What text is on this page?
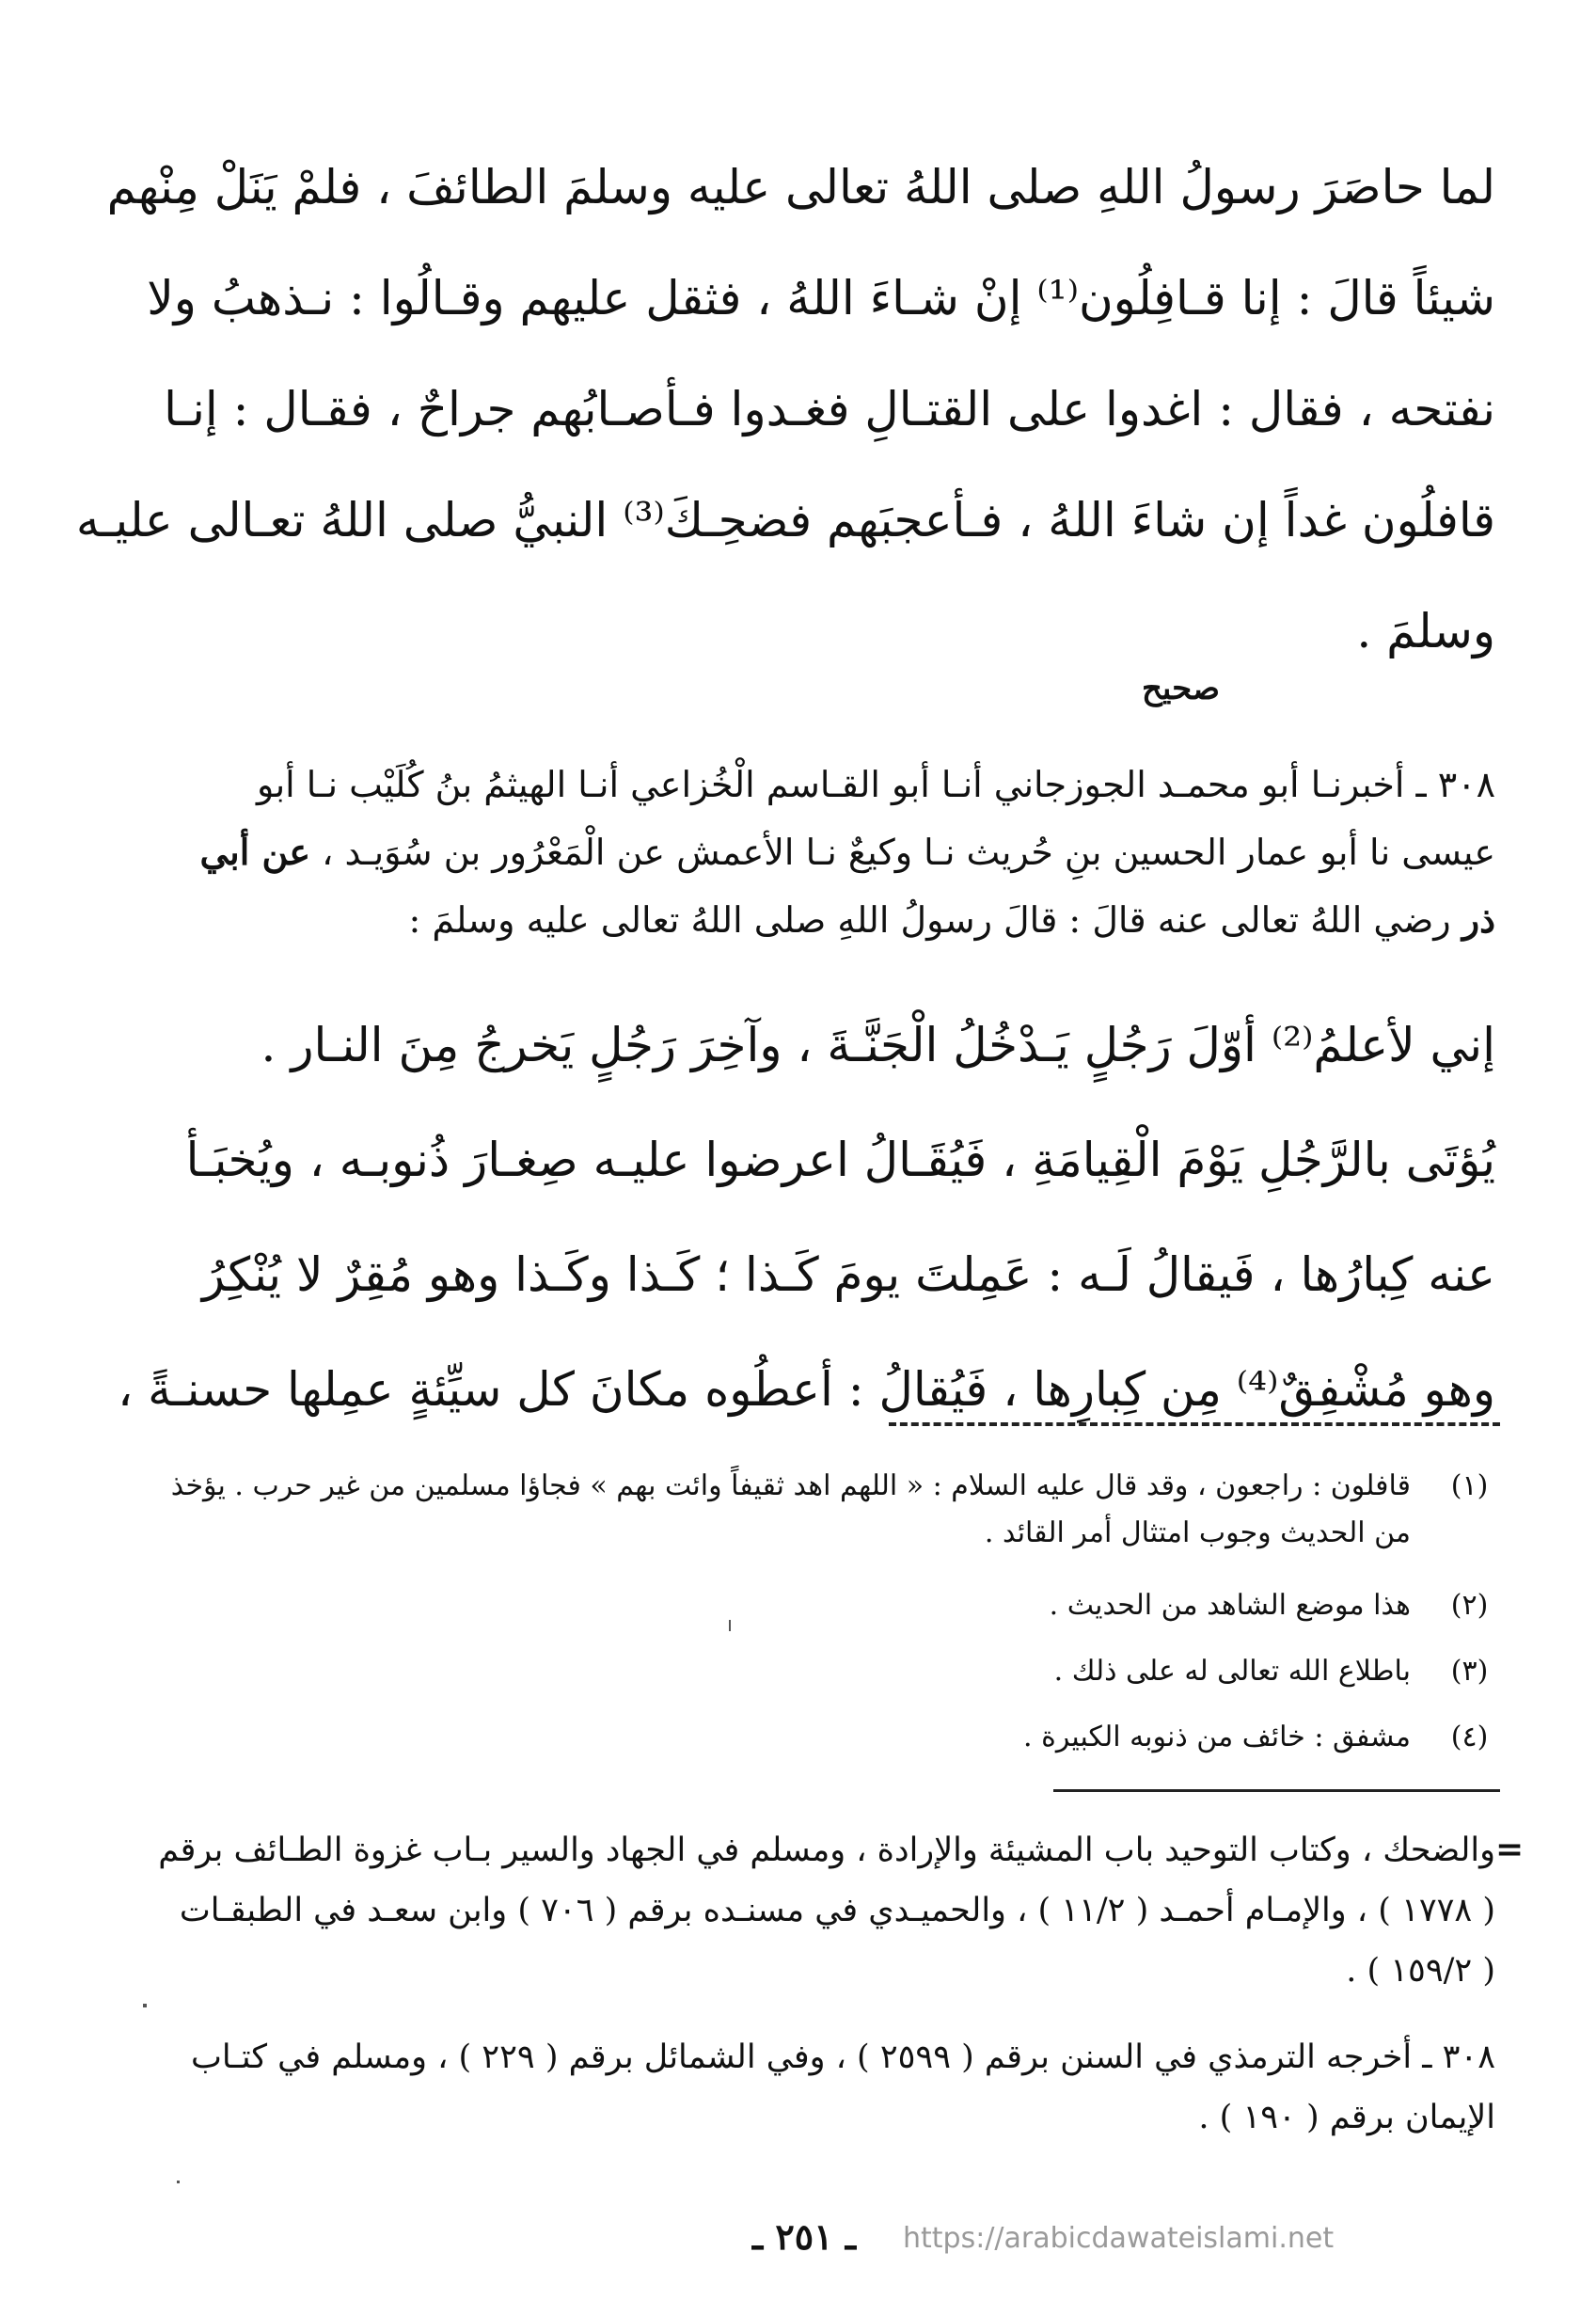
لما حاصَرَ رسولُ اللهِ صلى اللهُ تعالى عليه وسلمَ الطائفَ ، فلمْ يَنَلْ مِنْهم
شيئاً قالَ : إنا قـافِلُون⁽¹⁾ إنْ شـاءَ اللهُ ، فثقل عليهم وقـالُوا : نـذهبُ ولا
نفتحه ، فقال : اغدوا على القتـالِ فغـدوا فـأصـابُهم جراحٌ ، فقـال : إنـا
قافلُون غداً إن شاءَ اللهُ ، فـأعجبَهم فضحِـكَ⁽³⁾ النبيُّ صلى اللهُ تعـالى عليـه
وسلمَ .
صحيح
٣٠٨ ـ أخبرنـا أبو محمـد الجوزجاني أنـا أبو القـاسم الْخُزاعي أنـا الهيثمُ بنُ كُلَيْب نـا أبو
عيسى نا أبو عمار الحسين بنِ حُريث نـا وكيعٌ نـا الأعمش عن الْمَعْرُور بن سُوَيـد ، عن أبي
ذر رضي اللهُ تعالى عنه قالَ : قالَ رسولُ اللهِ صلى اللهُ تعالى عليه وسلمَ :
إني لأعلمُ⁽²⁾ أوّلَ رَجُلٍ يَـدْخُلُ الْجَنَّـةَ ، وآخِرَ رَجُلٍ يَخرجُ مِنَ النـار .
يُؤتَى بالرَّجُلِ يَوْمَ الْقِيامَةِ ، فَيُقَـالُ اعرضوا عليـه صِغـارَ ذُنوبـه ، ويُخبَـأ
عنه كِبارُها ، فَيقالُ لَـه : عَمِلتَ يومَ كَـذا ؛ كَـذا وكَـذا وهو مُقِرٌ لا يُنْكِرُ
وهو مُشْفِقٌ⁽⁴⁾ مِن كِبارِها ، فَيُقالُ : أعطُوه مكانَ كل سيِّئةٍ عمِلها حسنـةً ،
(١)
قافلون : راجعون ، وقد قال عليه السلام : « اللهم اهد ثقيفاً وائت بهم » فجاؤا مسلمين من غير حرب . يؤخذ
من الحديث وجوب امتثال أمر القائد .
(٢)
هذا موضع الشاهد من الحديث .
(٣)
باطلاع الله تعالى له على ذلك .
(٤)
مشفق : خائف من ذنوبه الكبيرة .
=
والضحك ، وكتاب التوحيد باب المشيئة والإرادة ، ومسلم في الجهاد والسير بـاب غزوة الطـائف برقم
( ١٧٧٨ ) ، والإمـام أحمـد ( ١١/٢ ) ، والحميـدي في مسنـده برقم ( ٧٠٦ ) وابن سعـد في الطبقـات
( ١٥٩/٢ ) .
٣٠٨ ـ أخرجه الترمذي في السنن برقم ( ٢٥٩٩ ) ، وفي الشمائل برقم ( ٢٢٩ ) ، ومسلم في كتـاب
الإيمان برقم ( ١٩٠ ) .
ـ ٢٥١ ـ https://arabicdawateislami.net
